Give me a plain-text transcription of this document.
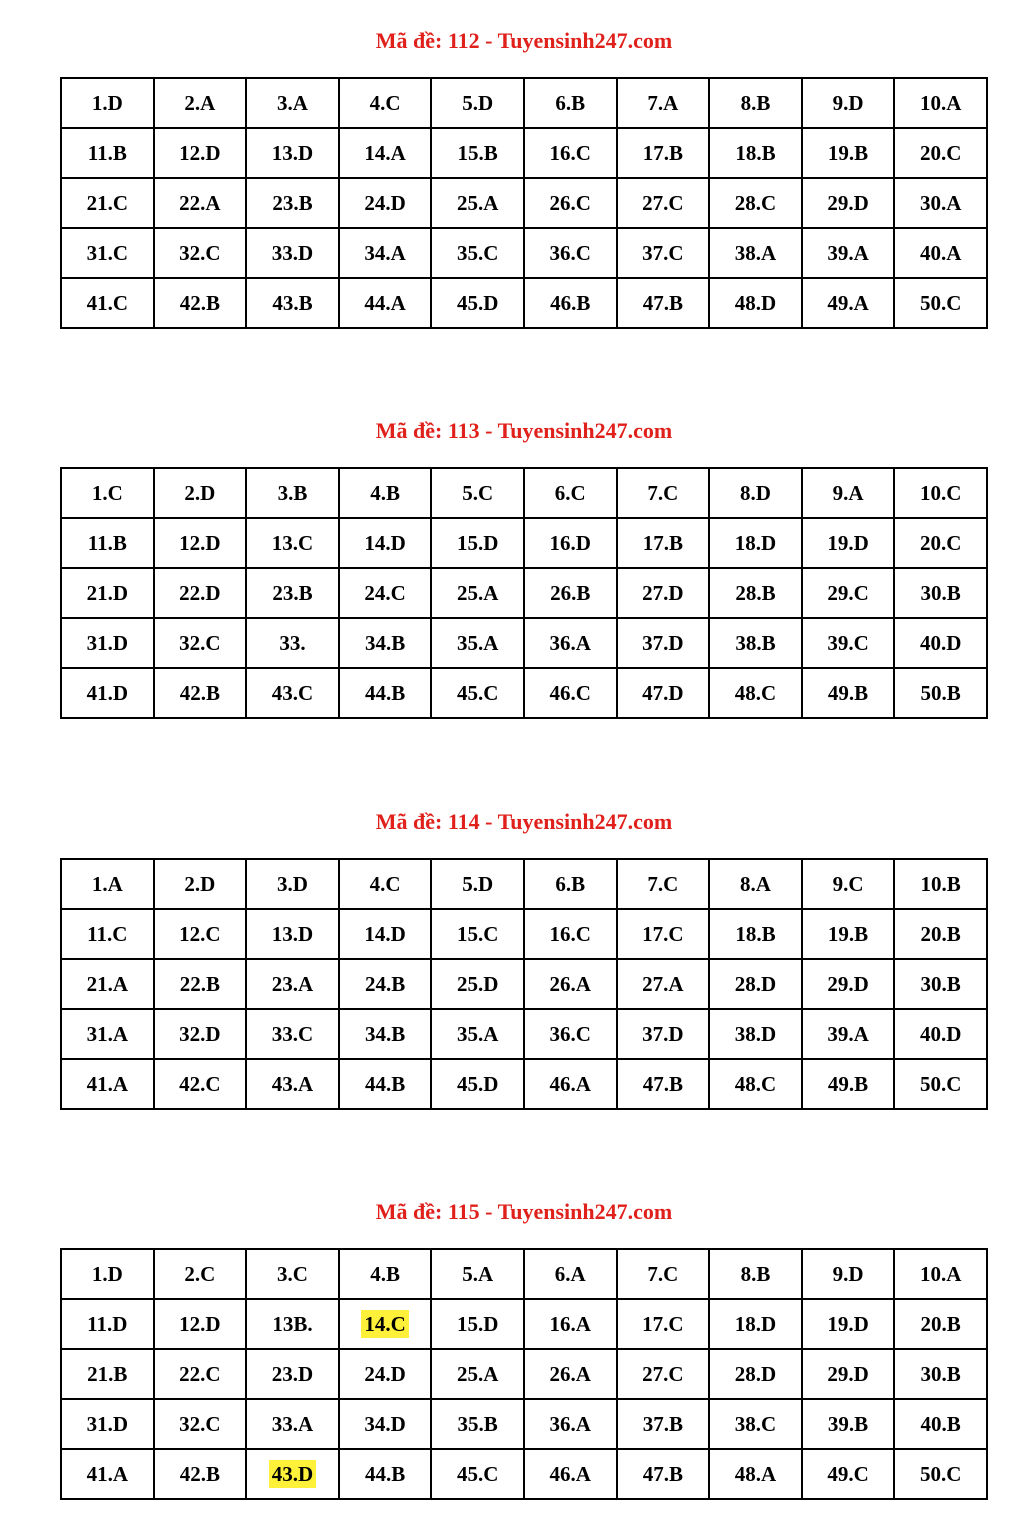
Mã đề: 112 - Tuyensinh247.com
1.D	2.A	3.A	4.C	5.D	6.B	7.A	8.B	9.D	10.A
11.B	12.D	13.D	14.A	15.B	16.C	17.B	18.B	19.B	20.C
21.C	22.A	23.B	24.D	25.A	26.C	27.C	28.C	29.D	30.A
31.C	32.C	33.D	34.A	35.C	36.C	37.C	38.A	39.A	40.A
41.C	42.B	43.B	44.A	45.D	46.B	47.B	48.D	49.A	50.C
Mã đề: 113 - Tuyensinh247.com
1.C	2.D	3.B	4.B	5.C	6.C	7.C	8.D	9.A	10.C
11.B	12.D	13.C	14.D	15.D	16.D	17.B	18.D	19.D	20.C
21.D	22.D	23.B	24.C	25.A	26.B	27.D	28.B	29.C	30.B
31.D	32.C	33.	34.B	35.A	36.A	37.D	38.B	39.C	40.D
41.D	42.B	43.C	44.B	45.C	46.C	47.D	48.C	49.B	50.B
Mã đề: 114 - Tuyensinh247.com
1.A	2.D	3.D	4.C	5.D	6.B	7.C	8.A	9.C	10.B
11.C	12.C	13.D	14.D	15.C	16.C	17.C	18.B	19.B	20.B
21.A	22.B	23.A	24.B	25.D	26.A	27.A	28.D	29.D	30.B
31.A	32.D	33.C	34.B	35.A	36.C	37.D	38.D	39.A	40.D
41.A	42.C	43.A	44.B	45.D	46.A	47.B	48.C	49.B	50.C
Mã đề: 115 - Tuyensinh247.com
1.D	2.C	3.C	4.B	5.A	6.A	7.C	8.B	9.D	10.A
11.D	12.D	13B.	14.C	15.D	16.A	17.C	18.D	19.D	20.B
21.B	22.C	23.D	24.D	25.A	26.A	27.C	28.D	29.D	30.B
31.D	32.C	33.A	34.D	35.B	36.A	37.B	38.C	39.B	40.B
41.A	42.B	43.D	44.B	45.C	46.A	47.B	48.A	49.C	50.C
